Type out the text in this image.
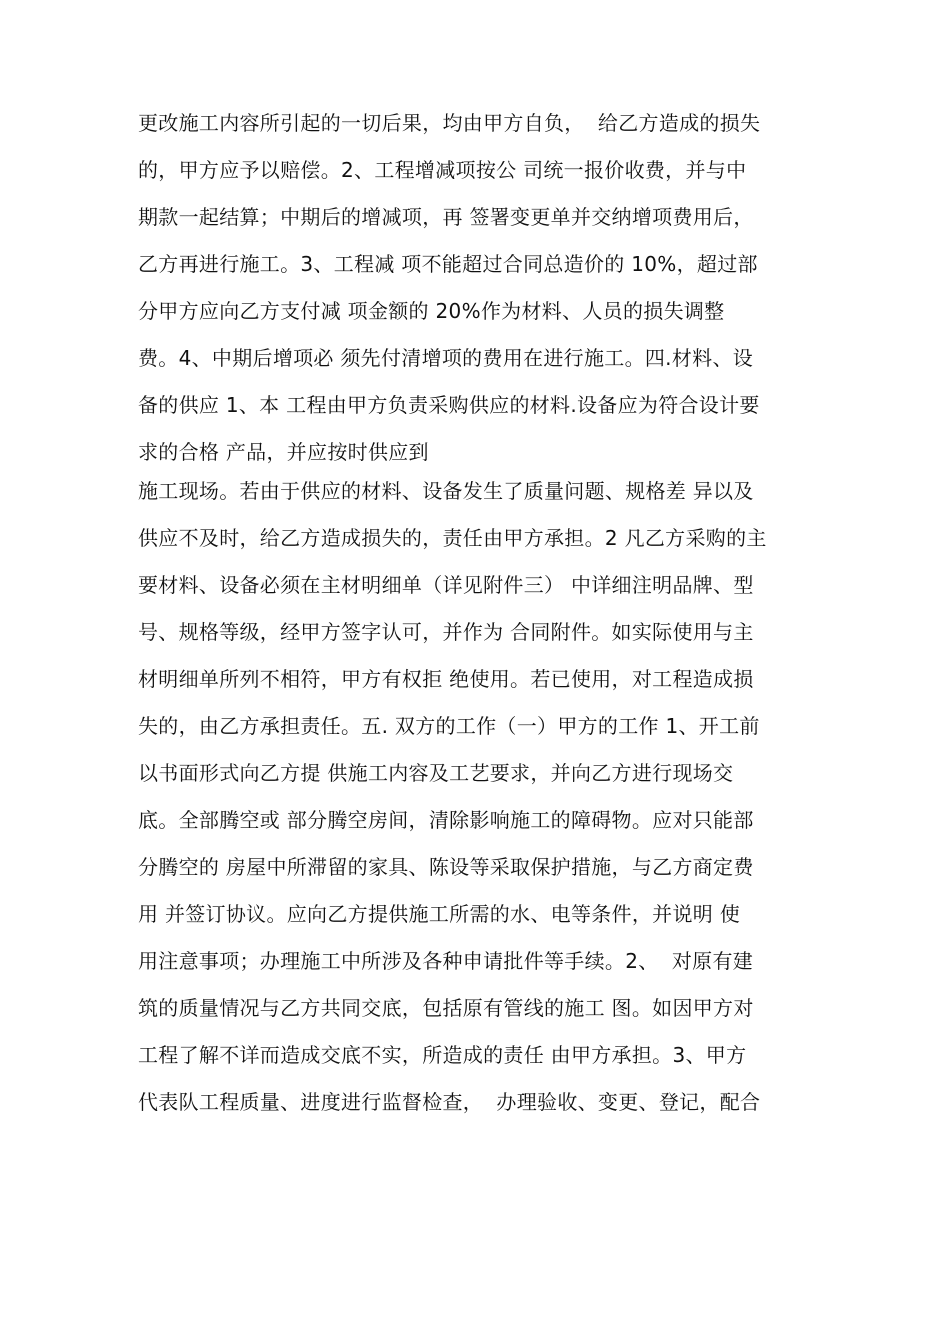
更改施工内容所引起的一切后果，均由甲方自负，  给乙方造成的损失
的，甲方应予以赔偿。2、工程增减项按公 司统一报价收费，并与中
期款一起结算；中期后的增减项，再 签署变更单并交纳增项费用后，
乙方再进行施工。3、工程减 项不能超过合同总造价的 10%，超过部
分甲方应向乙方支付减 项金额的 20%作为材料、人员的损失调整
费。4、中期后增项必 须先付清增项的费用在进行施工。四.材料、设
备的供应 1、本 工程由甲方负责采购供应的材料.设备应为符合设计要
求的合格 产品，并应按时供应到
施工现场。若由于供应的材料、设备发生了质量问题、规格差 异以及
供应不及时，给乙方造成损失的，责任由甲方承担。2 凡乙方采购的主
要材料、设备必须在主材明细单（详见附件三） 中详细注明品牌、型
号、规格等级，经甲方签字认可，并作为 合同附件。如实际使用与主
材明细单所列不相符，甲方有权拒 绝使用。若已使用，对工程造成损
失的，由乙方承担责任。五. 双方的工作（一）甲方的工作 1、开工前
以书面形式向乙方提 供施工内容及工艺要求，并向乙方进行现场交
底。全部腾空或 部分腾空房间，清除影响施工的障碍物。应对只能部
分腾空的 房屋中所滞留的家具、陈设等采取保护措施，与乙方商定费
用 并签订协议。应向乙方提供施工所需的水、电等条件，并说明 使
用注意事项；办理施工中所涉及各种申请批件等手续。2、  对原有建
筑的质量情况与乙方共同交底，包括原有管线的施工 图。如因甲方对
工程了解不详而造成交底不实，所造成的责任 由甲方承担。3、甲方
代表队工程质量、进度进行监督检查，  办理验收、变更、登记，配合
